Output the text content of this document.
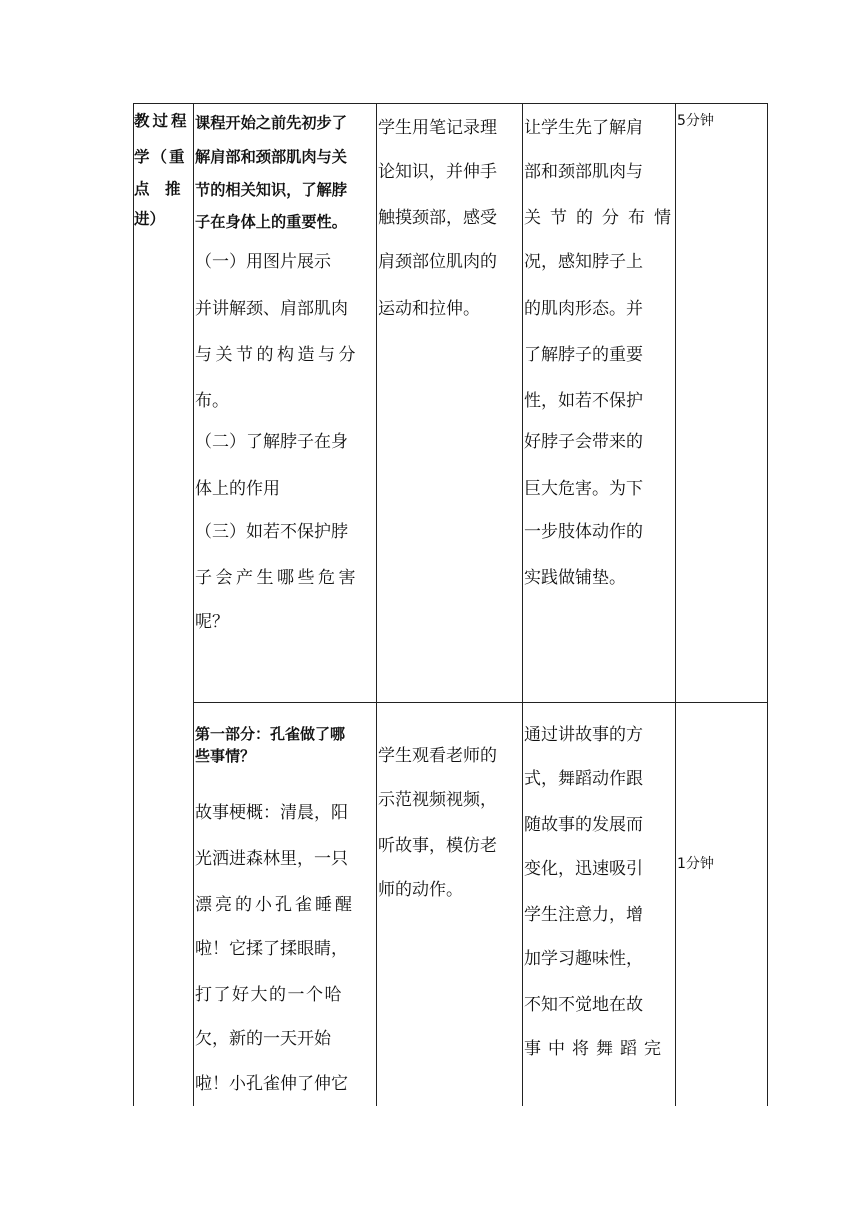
教过程
学（重
点　推
进）
课程开始之前先初步了
解肩部和颈部肌肉与关
节的相关知识，了解脖
子在身体上的重要性。
（一）用图片展示
并讲解颈、肩部肌肉
与关节的构造与分
布。
（二）了解脖子在身
体上的作用
（三）如若不保护脖
子会产生哪些危害
呢？
学生用笔记录理
论知识，并伸手
触摸颈部，感受
肩颈部位肌肉的
运动和拉伸。
让学生先了解肩
部和颈部肌肉与
关节的分布情
况，感知脖子上
的肌肉形态。并
了解脖子的重要
性，如若不保护
好脖子会带来的
巨大危害。为下
一步肢体动作的
实践做铺垫。
5分钟
第一部分：孔雀做了哪
些事情？
故事梗概：清晨，阳
光洒进森林里，一只
漂亮的小孔雀睡醒
啦！它揉了揉眼睛，
打了好大的一个哈
欠，新的一天开始
啦！小孔雀伸了伸它
学生观看老师的
示范视频视频，
听故事，模仿老
师的动作。
通过讲故事的方
式，舞蹈动作跟
随故事的发展而
变化，迅速吸引
学生注意力，增
加学习趣味性，
不知不觉地在故
事中将舞蹈完
1分钟
